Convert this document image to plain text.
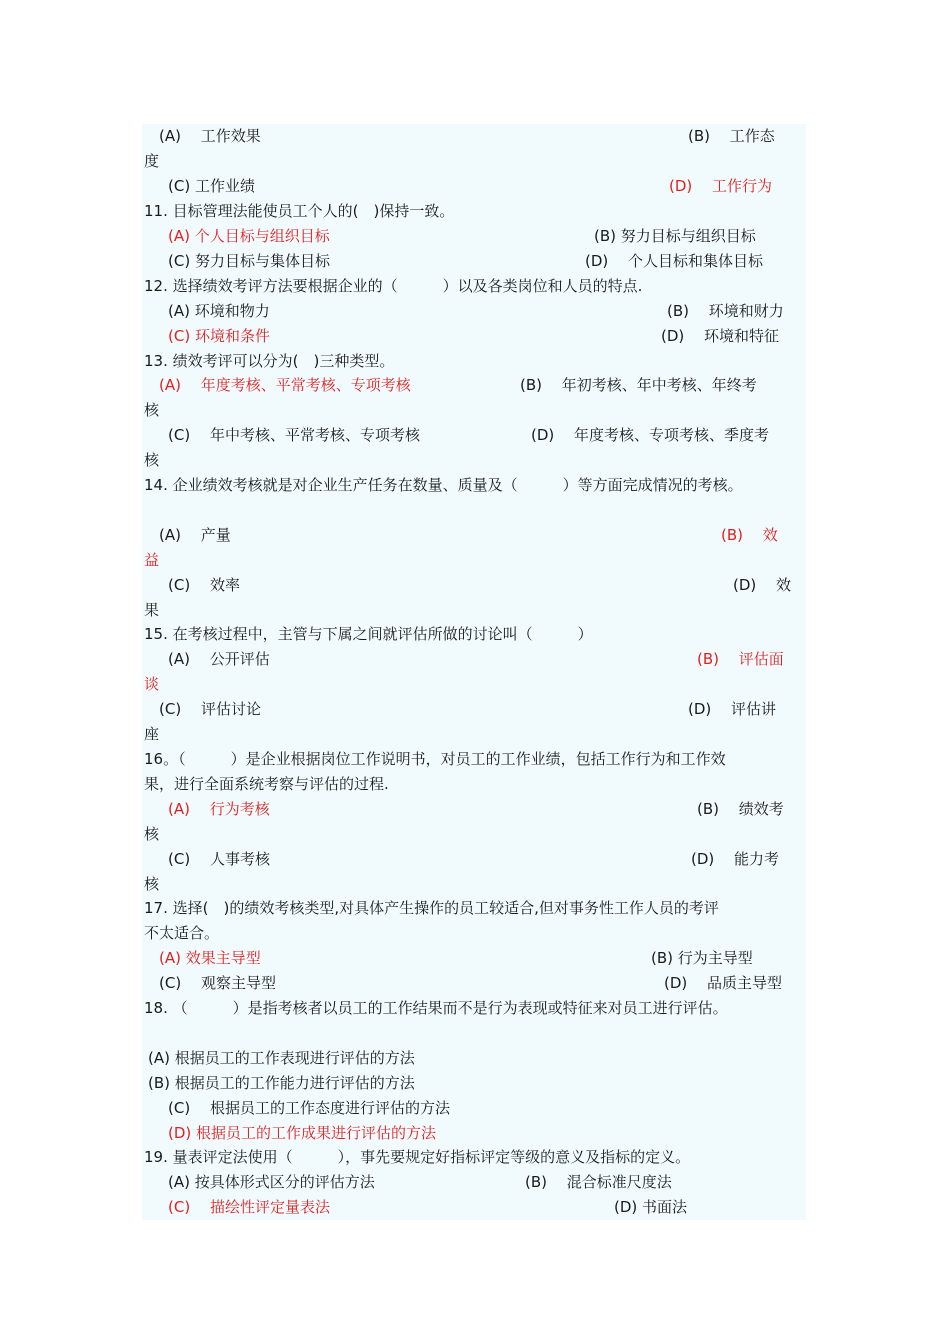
(A)　 工作效果	(B)　 工作态
度
(C) 工作业绩	(D)　 工作行为
11. 目标管理法能使员工个人的(　)保持一致。
(A) 个人目标与组织目标	(B) 努力目标与组织目标
(C) 努力目标与集体目标	(D)　 个人目标和集体目标
12. 选择绩效考评方法要根据企业的（　　　）以及各类岗位和人员的特点.
(A) 环境和物力	(B)　 环境和财力
(C) 环境和条件	(D)　 环境和特征
13. 绩效考评可以分为(　)三种类型。
(A)　 年度考核、平常考核、专项考核	(B)　 年初考核、年中考核、年终考
核
(C)　 年中考核、平常考核、专项考核	(D)　 年度考核、专项考核、季度考
核
14. 企业绩效考核就是对企业生产任务在数量、质量及（　　　）等方面完成情况的考核。
(A)　 产量	(B)　 效
益
(C)　 效率	(D)　 效
果
15. 在考核过程中，主管与下属之间就评估所做的讨论叫（　　　）
(A)　 公开评估	(B)　 评估面
谈
(C)　 评估讨论	(D)　 评估讲
座
16。（　　　）是企业根据岗位工作说明书，对员工的工作业绩，包括工作行为和工作效
果，进行全面系统考察与评估的过程.
(A)　 行为考核	(B)　 绩效考
核
(C)　 人事考核	(D)　 能力考
核
17. 选择(　)的绩效考核类型,对具体产生操作的员工较适合,但对事务性工作人员的考评
不太适合。
(A) 效果主导型	(B) 行为主导型
(C)　 观察主导型	(D)　 品质主导型
18. （　　　）是指考核者以员工的工作结果而不是行为表现或特征来对员工进行评估。
(A) 根据员工的工作表现进行评估的方法
(B) 根据员工的工作能力进行评估的方法
(C)　 根据员工的工作态度进行评估的方法
(D) 根据员工的工作成果进行评估的方法
19. 量表评定法使用（　　　），事先要规定好指标评定等级的意义及指标的定义。
(A) 按具体形式区分的评估方法	(B)　 混合标准尺度法
(C)　 描绘性评定量表法	(D) 书面法
